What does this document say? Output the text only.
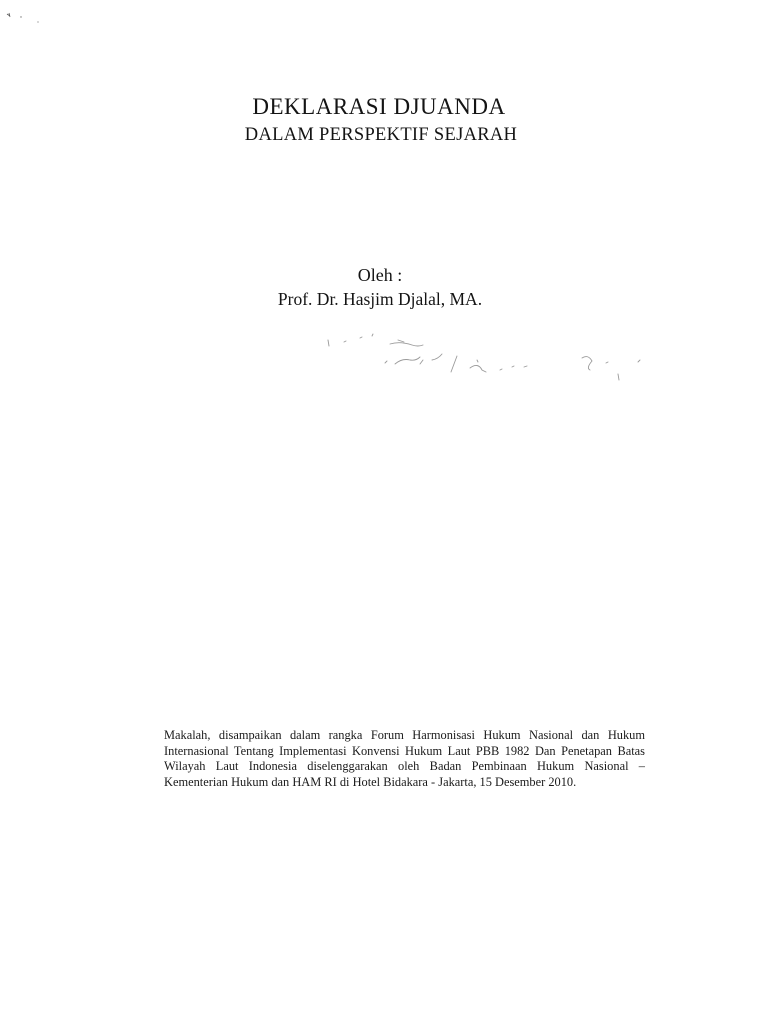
DEKLARASI DJUANDA
DALAM PERSPEKTIF SEJARAH
Oleh :
Prof. Dr. Hasjim Djalal, MA.
Makalah, disampaikan dalam rangka Forum Harmonisasi Hukum Nasional dan Hukum Internasional Tentang Implementasi Konvensi Hukum Laut PBB 1982 Dan Penetapan Batas Wilayah Laut Indonesia diselenggarakan oleh Badan Pembinaan Hukum Nasional – Kementerian Hukum dan HAM RI di Hotel Bidakara - Jakarta, 15 Desember 2010.
